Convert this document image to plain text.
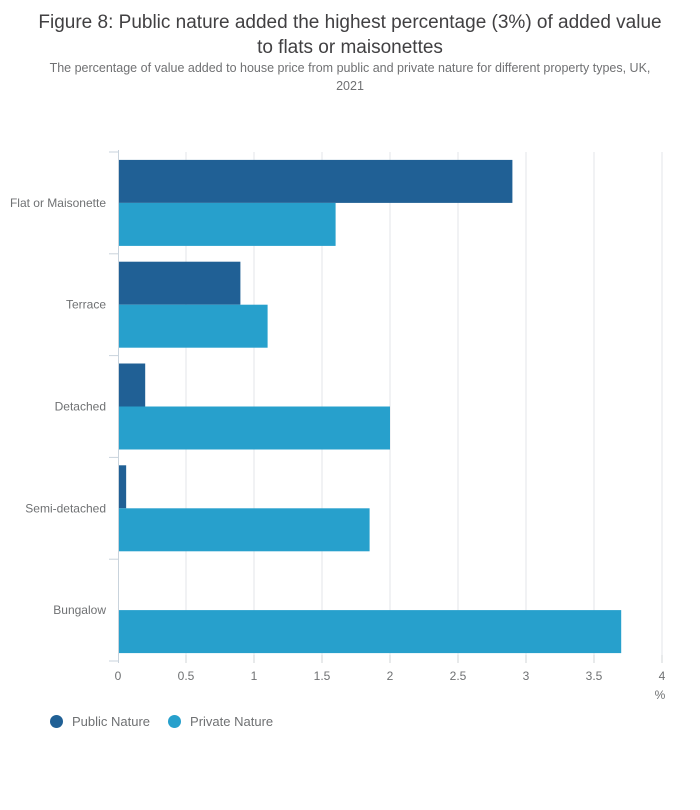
Figure 8: Public nature added the highest percentage (3%) of added value
to flats or maisonettes
The percentage of value added to house price from public and private nature for different property types, UK,
2021
0	0.5	1	1.5	2	2.5	3	3.5	4
Flat or Maisonette
Terrace
Detached
Semi-detached
Bungalow
%
Public Nature	Private Nature
